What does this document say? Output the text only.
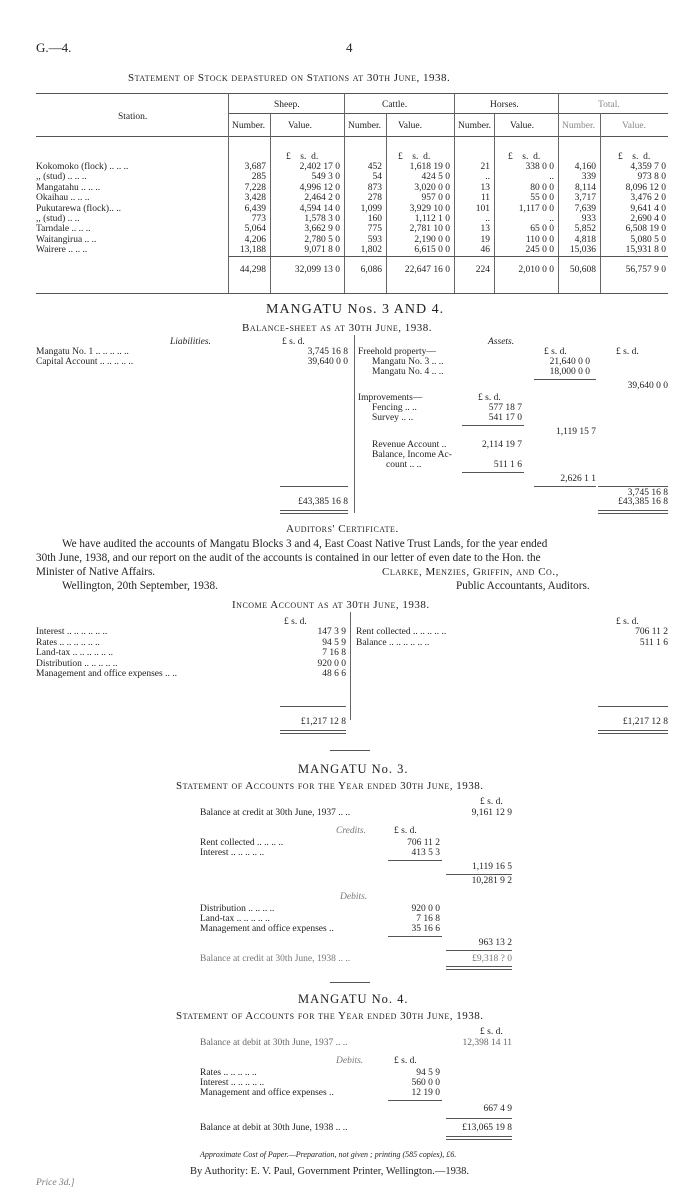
G.—4.	4
Statement of Stock depastured on Stations at 30th June, 1938.
Station.
Sheep.	Cattle.	Horses.	Total.
Number. Value.	Number. Value.	Number. Value.	Number.	Value.
£ s. d.	£ s. d.	£ s. d.	£ s. d.
Kokomoko (flock) .. .. ..	3,687	2,402 17 0	452	1,618 19 0	21	338 0 0	4,160	4,359 7 0
,, (stud) .. .. ..	285	549 3 0	54	424 5 0	..	..	339	973 8 0
Mangatahu .. .. ..	7,228	4,996 12 0	873	3,020 0 0	13	80 0 0	8,114	8,096 12 0
Okaihau .. .. ..	3,428	2,464 2 0	278	957 0 0	11	55 0 0	3,717	3,476 2 0
Pukutarewa (flock).. ..	6,439	4,594 14 0	1,099	3,929 10 0	101	1,117 0 0	7,639	9,641 4 0
,, (stud) .. ..	773	1,578 3 0	160	1,112 1 0	..	..	933	2,690 4 0
Tarndale .. .. ..	5,064	3,662 9 0	775	2,781 10 0	13	65 0 0	5,852	6,508 19 0
Waitangirua .. ..	4,206	2,780 5 0	593	2,190 0 0	19	110 0 0	4,818	5,080 5 0
Wairere .. .. ..	13,188	9,071 8 0	1,802	6,615 0 0	46	245 0 0	15,036	15,931 8 0
44,298	32,099 13 0	6,086	22,647 16 0	224	2,010 0 0	50,608	56,757 9 0
MANGATU Nos. 3 AND 4.
Balance-sheet as at 30th June, 1938.
Liabilities.	Assets.
£ s. d.
Mangatu No. 1 .. .. .. .. ..	3,745 16 8
Capital Account .. .. .. .. ..	39,640 0 0
Freehold property—	£ s. d.	£ s. d.
Mangatu No. 3 .. ..	21,640 0 0
Mangatu No. 4 .. ..	18,000 0 0
39,640 0 0
Improvements—	£ s. d.
Fencing .. ..	577 18 7
Survey .. ..	541 17 0
1,119 15 7
Revenue Account ..	2,114 19 7
Balance, Income Ac-
count .. ..	511 1 6
2,626 1 1
3,745 16 8
£43,385 16 8	£43,385 16 8
Auditors' Certificate.
We have audited the accounts of Mangatu Blocks 3 and 4, East Coast Native Trust Lands, for the year ended
30th June, 1938, and our report on the audit of the accounts is contained in our letter of even date to the Hon. the
Minister of Native Affairs.	Clarke, Menzies, Griffin, and Co.,
Wellington, 20th September, 1938.	Public Accountants, Auditors.
Income Account as at 30th June, 1938.
£ s. d.	£ s. d.
Interest .. .. .. .. .. ..	147 3 9
Rates .. .. .. .. .. ..	94 5 9
Land-tax .. .. .. .. .. ..	7 16 8
Distribution .. .. .. .. ..	920 0 0
Management and office expenses .. ..	48 6 6
Rent collected .. .. .. .. ..	706 11 2
Balance .. .. .. .. .. ..	511 1 6
£1,217 12 8	£1,217 12 8
MANGATU No. 3.
Statement of Accounts for the Year ended 30th June, 1938.
£ s. d.
Balance at credit at 30th June, 1937 .. ..	9,161 12 9
Credits.	£ s. d.
Rent collected .. .. .. ..	706 11 2
Interest .. .. .. .. ..	413 5 3
1,119 16 5
10,281 9 2
Debits.
Distribution .. .. .. ..	920 0 0
Land-tax .. .. .. .. ..	7 16 8
Management and office expenses ..	35 16 6
963 13 2
Balance at credit at 30th June, 1938 .. ..	£9,318 ? 0
MANGATU No. 4.
Statement of Accounts for the Year ended 30th June, 1938.
£ s. d.
Balance at debit at 30th June, 1937 .. ..	12,398 14 11
Debits.	£ s. d.
Rates .. .. .. .. ..	94 5 9
Interest .. .. .. .. ..	560 0 0
Management and office expenses ..	12 19 0
667 4 9
Balance at debit at 30th June, 1938 .. ..	£13,065 19 8
Approximate Cost of Paper.—Preparation, not given ; printing (585 copies), £6.
By Authority: E. V. Paul, Government Printer, Wellington.—1938.
Price 3d.]
